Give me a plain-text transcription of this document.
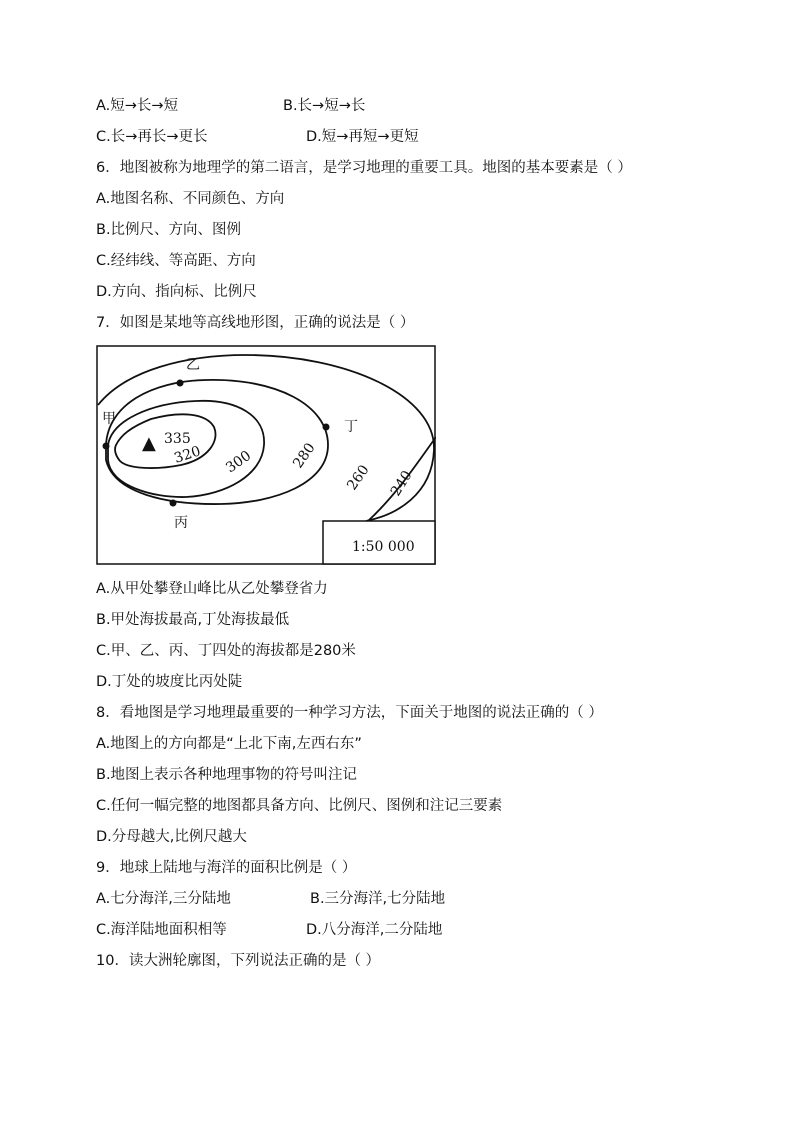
A.短→长→短	B.长→短→长
C.长→再长→更长	D.短→再短→更短
6．地图被称为地理学的第二语言，是学习地理的重要工具。地图的基本要素是（ ）
A.地图名称、不同颜色、方向
B.比例尺、方向、图例
C.经纬线、等高距、方向
D.方向、指向标、比例尺
7．如图是某地等高线地形图，正确的说法是（ ）
1:50 000
乙
甲	丁
丙
▲ 335
320 300	280
260 240
A.从甲处攀登山峰比从乙处攀登省力
B.甲处海拔最高,丁处海拔最低
C.甲、乙、丙、丁四处的海拔都是280米
D.丁处的坡度比丙处陡
8．看地图是学习地理最重要的一种学习方法，下面关于地图的说法正确的（ ）
A.地图上的方向都是“上北下南,左西右东”
B.地图上表示各种地理事物的符号叫注记
C.任何一幅完整的地图都具备方向、比例尺、图例和注记三要素
D.分母越大,比例尺越大
9．地球上陆地与海洋的面积比例是（ ）
A.七分海洋,三分陆地	B.三分海洋,七分陆地
C.海洋陆地面积相等	D.八分海洋,二分陆地
10．读大洲轮廓图，下列说法正确的是（ ）
